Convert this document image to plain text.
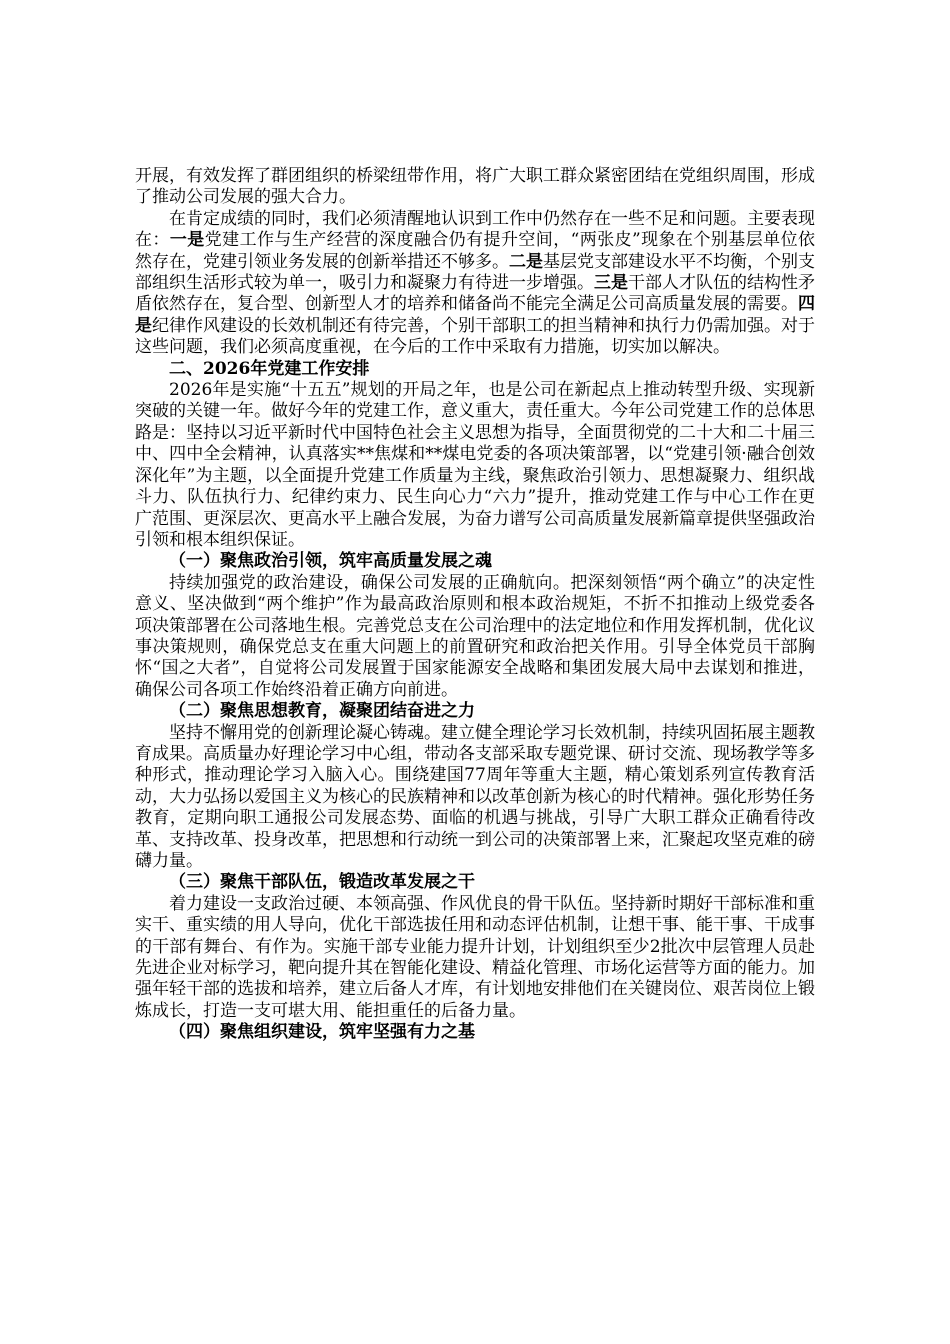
开展，有效发挥了群团组织的桥梁纽带作用，将广大职工群众紧密团结在党组织周围，形成了推动公司发展的强大合力。

在肯定成绩的同时，我们必须清醒地认识到工作中仍然存在一些不足和问题。主要表现在：一是党建工作与生产经营的深度融合仍有提升空间，“两张皮”现象在个别基层单位依然存在，党建引领业务发展的创新举措还不够多。二是基层党支部建设水平不均衡，个别支部组织生活形式较为单一，吸引力和凝聚力有待进一步增强。三是干部人才队伍的结构性矛盾依然存在，复合型、创新型人才的培养和储备尚不能完全满足公司高质量发展的需要。四是纪律作风建设的长效机制还有待完善，个别干部职工的担当精神和执行力仍需加强。对于这些问题，我们必须高度重视，在今后的工作中采取有力措施，切实加以解决。

二、2026年党建工作安排

2026年是实施“十五五”规划的开局之年，也是公司在新起点上推动转型升级、实现新突破的关键一年。做好今年的党建工作，意义重大，责任重大。今年公司党建工作的总体思路是：坚持以习近平新时代中国特色社会主义思想为指导，全面贯彻党的二十大和二十届三中、四中全会精神，认真落实**焦煤和**煤电党委的各项决策部署，以“党建引领·融合创效深化年”为主题，以全面提升党建工作质量为主线，聚焦政治引领力、思想凝聚力、组织战斗力、队伍执行力、纪律约束力、民生向心力“六力”提升，推动党建工作与中心工作在更广范围、更深层次、更高水平上融合发展，为奋力谱写公司高质量发展新篇章提供坚强政治引领和根本组织保证。

（一）聚焦政治引领，筑牢高质量发展之魂

持续加强党的政治建设，确保公司发展的正确航向。把深刻领悟“两个确立”的决定性意义、坚决做到“两个维护”作为最高政治原则和根本政治规矩，不折不扣推动上级党委各项决策部署在公司落地生根。完善党总支在公司治理中的法定地位和作用发挥机制，优化议事决策规则，确保党总支在重大问题上的前置研究和政治把关作用。引导全体党员干部胸怀“国之大者”，自觉将公司发展置于国家能源安全战略和集团发展大局中去谋划和推进，确保公司各项工作始终沿着正确方向前进。

（二）聚焦思想教育，凝聚团结奋进之力

坚持不懈用党的创新理论凝心铸魂。建立健全理论学习长效机制，持续巩固拓展主题教育成果。高质量办好理论学习中心组，带动各支部采取专题党课、研讨交流、现场教学等多种形式，推动理论学习入脑入心。围绕建国77周年等重大主题，精心策划系列宣传教育活动，大力弘扬以爱国主义为核心的民族精神和以改革创新为核心的时代精神。强化形势任务教育，定期向职工通报公司发展态势、面临的机遇与挑战，引导广大职工群众正确看待改革、支持改革、投身改革，把思想和行动统一到公司的决策部署上来，汇聚起攻坚克难的磅礴力量。

（三）聚焦干部队伍，锻造改革发展之干

着力建设一支政治过硬、本领高强、作风优良的骨干队伍。坚持新时期好干部标准和重实干、重实绩的用人导向，优化干部选拔任用和动态评估机制，让想干事、能干事、干成事的干部有舞台、有作为。实施干部专业能力提升计划，计划组织至少2批次中层管理人员赴先进企业对标学习，靶向提升其在智能化建设、精益化管理、市场化运营等方面的能力。加强年轻干部的选拔和培养，建立后备人才库，有计划地安排他们在关键岗位、艰苦岗位上锻炼成长，打造一支可堪大用、能担重任的后备力量。

（四）聚焦组织建设，筑牢坚强有力之基
